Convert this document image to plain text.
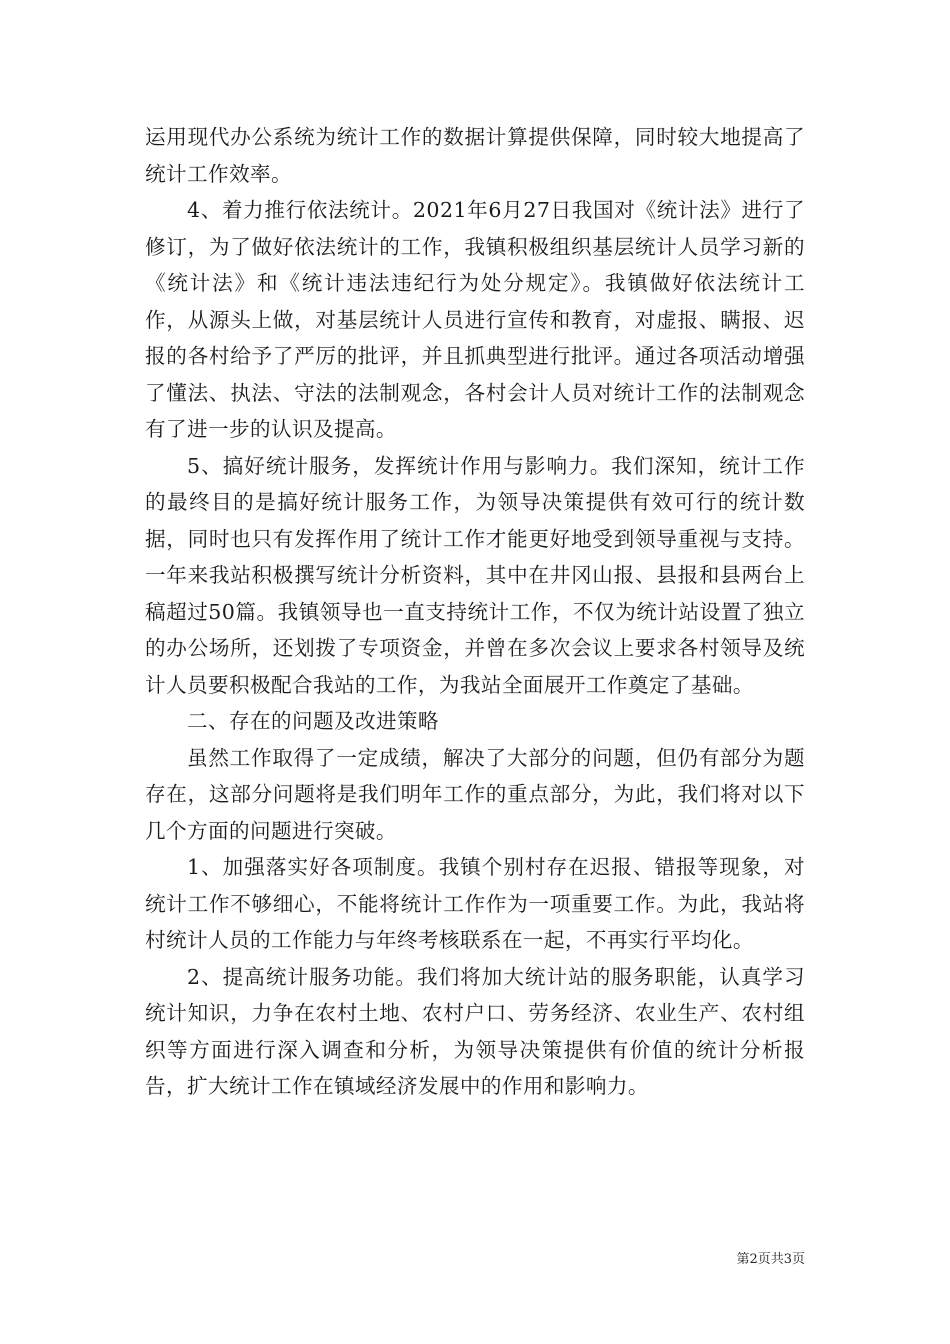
运用现代办公系统为统计工作的数据计算提供保障，同时较大地提高了统计工作效率。

4、着力推行依法统计。2021年6月27日我国对《统计法》进行了修订，为了做好依法统计的工作，我镇积极组织基层统计人员学习新的《统计法》和《统计违法违纪行为处分规定》。我镇做好依法统计工作，从源头上做，对基层统计人员进行宣传和教育，对虚报、瞒报、迟报的各村给予了严厉的批评，并且抓典型进行批评。通过各项活动增强了懂法、执法、守法的法制观念，各村会计人员对统计工作的法制观念有了进一步的认识及提高。

5、搞好统计服务，发挥统计作用与影响力。我们深知，统计工作的最终目的是搞好统计服务工作，为领导决策提供有效可行的统计数据，同时也只有发挥作用了统计工作才能更好地受到领导重视与支持。一年来我站积极撰写统计分析资料，其中在井冈山报、县报和县两台上稿超过50篇。我镇领导也一直支持统计工作，不仅为统计站设置了独立的办公场所，还划拨了专项资金，并曾在多次会议上要求各村领导及统计人员要积极配合我站的工作，为我站全面展开工作奠定了基础。

二、存在的问题及改进策略

虽然工作取得了一定成绩，解决了大部分的问题，但仍有部分为题存在，这部分问题将是我们明年工作的重点部分，为此，我们将对以下几个方面的问题进行突破。

1、加强落实好各项制度。我镇个别村存在迟报、错报等现象，对统计工作不够细心，不能将统计工作作为一项重要工作。为此，我站将村统计人员的工作能力与年终考核联系在一起，不再实行平均化。

2、提高统计服务功能。我们将加大统计站的服务职能，认真学习统计知识，力争在农村土地、农村户口、劳务经济、农业生产、农村组织等方面进行深入调查和分析，为领导决策提供有价值的统计分析报告，扩大统计工作在镇域经济发展中的作用和影响力。

第2页共3页
